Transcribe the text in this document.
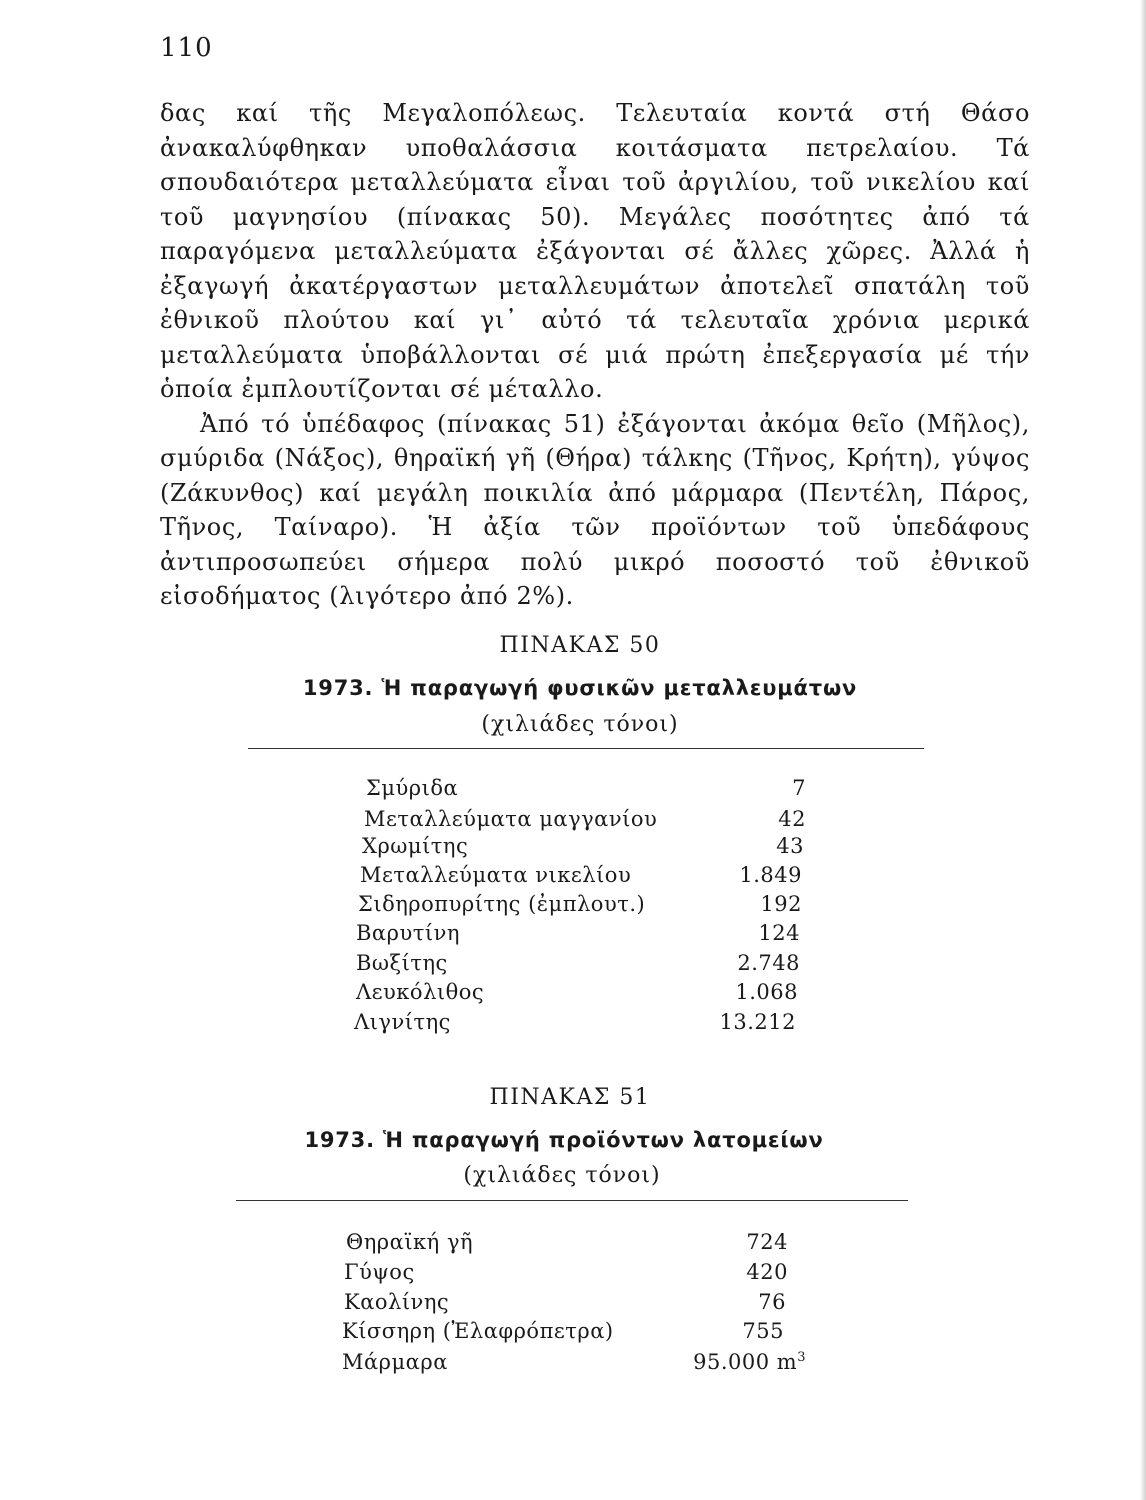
110

δας καί τῆς Μεγαλοπόλεως. Τελευταία κοντά στή Θάσο ἀνακαλύφθηκαν υποθαλάσσια κοιτάσματα πετρελαίου. Τά σπουδαιότερα μεταλλεύματα εἶναι τοῦ ἀργιλίου, τοῦ νικελίου καί τοῦ μαγνησίου (πίνακας 50). Μεγάλες ποσότητες ἀπό τά παραγόμενα μεταλλεύματα ἐξάγονται σέ ἄλλες χῶρες. Ἀλλά ἡ ἐξαγωγή ἀκατέργαστων μεταλλευμάτων ἀποτελεῖ σπατάλη τοῦ ἐθνικοῦ πλούτου καί γι᾽ αὐτό τά τελευταῖα χρόνια μερικά μεταλλεύματα ὑποβάλλονται σέ μιά πρώτη ἐπεξεργασία μέ τήν ὁποία ἐμπλουτίζονται σέ μέταλλο.

Ἀπό τό ὑπέδαφος (πίνακας 51) ἐξάγονται ἀκόμα θεῖο (Μῆλος), σμύριδα (Νάξος), θηραϊκή γῆ (Θήρα) τάλκης (Τῆνος, Κρήτη), γύψος (Ζάκυνθος) καί μεγάλη ποικιλία ἀπό μάρμαρα (Πεντέλη, Πάρος, Τῆνος, Ταίναρο). Ἡ ἀξία τῶν προϊόντων τοῦ ὑπεδάφους ἀντιπροσωπεύει σήμερα πολύ μικρό ποσοστό τοῦ ἐθνικοῦ εἰσοδήματος (λιγότερο ἀπό 2%).

ΠΙΝΑΚΑΣ 50
1973. Ἡ παραγωγή φυσικῶν μεταλλευμάτων
(χιλιάδες τόνοι)
Σμύριδα	7
Μεταλλεύματα μαγγανίου	42
Χρωμίτης	43
Μεταλλεύματα νικελίου	1.849
Σιδηροπυρίτης (ἐμπλουτ.)	192
Βαρυτίνη	124
Βωξίτης	2.748
Λευκόλιθος	1.068
Λιγνίτης	13.212
ΠΙΝΑΚΑΣ 51
1973. Ἡ παραγωγή προϊόντων λατομείων
(χιλιάδες τόνοι)
Θηραϊκή γῆ	724
Γύψος	420
Καολίνης	76
Κίσσηρη (Ἐλαφρόπετρα)	755
Μάρμαρα	95.000 $m^3$
